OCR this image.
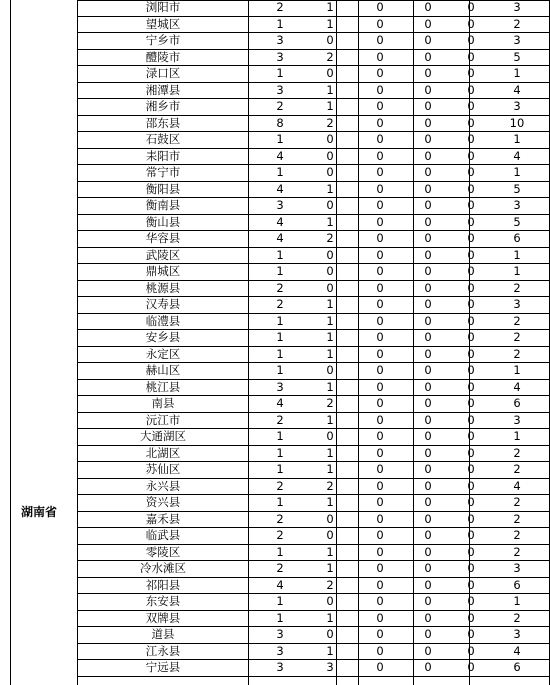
湖南省
浏阳市	2	1	0	0	0	3
望城区	1	1	0	0	0	2
宁乡市	3	0	0	0	0	3
醴陵市	3	2	0	0	0	5
渌口区	1	0	0	0	0	1
湘潭县	3	1	0	0	0	4
湘乡市	2	1	0	0	0	3
邵东县	8	2	0	0	0	10
石鼓区	1	0	0	0	0	1
耒阳市	4	0	0	0	0	4
常宁市	1	0	0	0	0	1
衡阳县	4	1	0	0	0	5
衡南县	3	0	0	0	0	3
衡山县	4	1	0	0	0	5
华容县	4	2	0	0	0	6
武陵区	1	0	0	0	0	1
鼎城区	1	0	0	0	0	1
桃源县	2	0	0	0	0	2
汉寿县	2	1	0	0	0	3
临澧县	1	1	0	0	0	2
安乡县	1	1	0	0	0	2
永定区	1	1	0	0	0	2
赫山区	1	0	0	0	0	1
桃江县	3	1	0	0	0	4
南县	4	2	0	0	0	6
沅江市	2	1	0	0	0	3
大通湖区	1	0	0	0	0	1
北湖区	1	1	0	0	0	2
苏仙区	1	1	0	0	0	2
永兴县	2	2	0	0	0	4
资兴县	1	1	0	0	0	2
嘉禾县	2	0	0	0	0	2
临武县	2	0	0	0	0	2
零陵区	1	1	0	0	0	2
冷水滩区	2	1	0	0	0	3
祁阳县	4	2	0	0	0	6
东安县	1	0	0	0	0	1
双牌县	1	1	0	0	0	2
道县	3	0	0	0	0	3
江永县	3	1	0	0	0	4
宁远县	3	3	0	0	0	6
